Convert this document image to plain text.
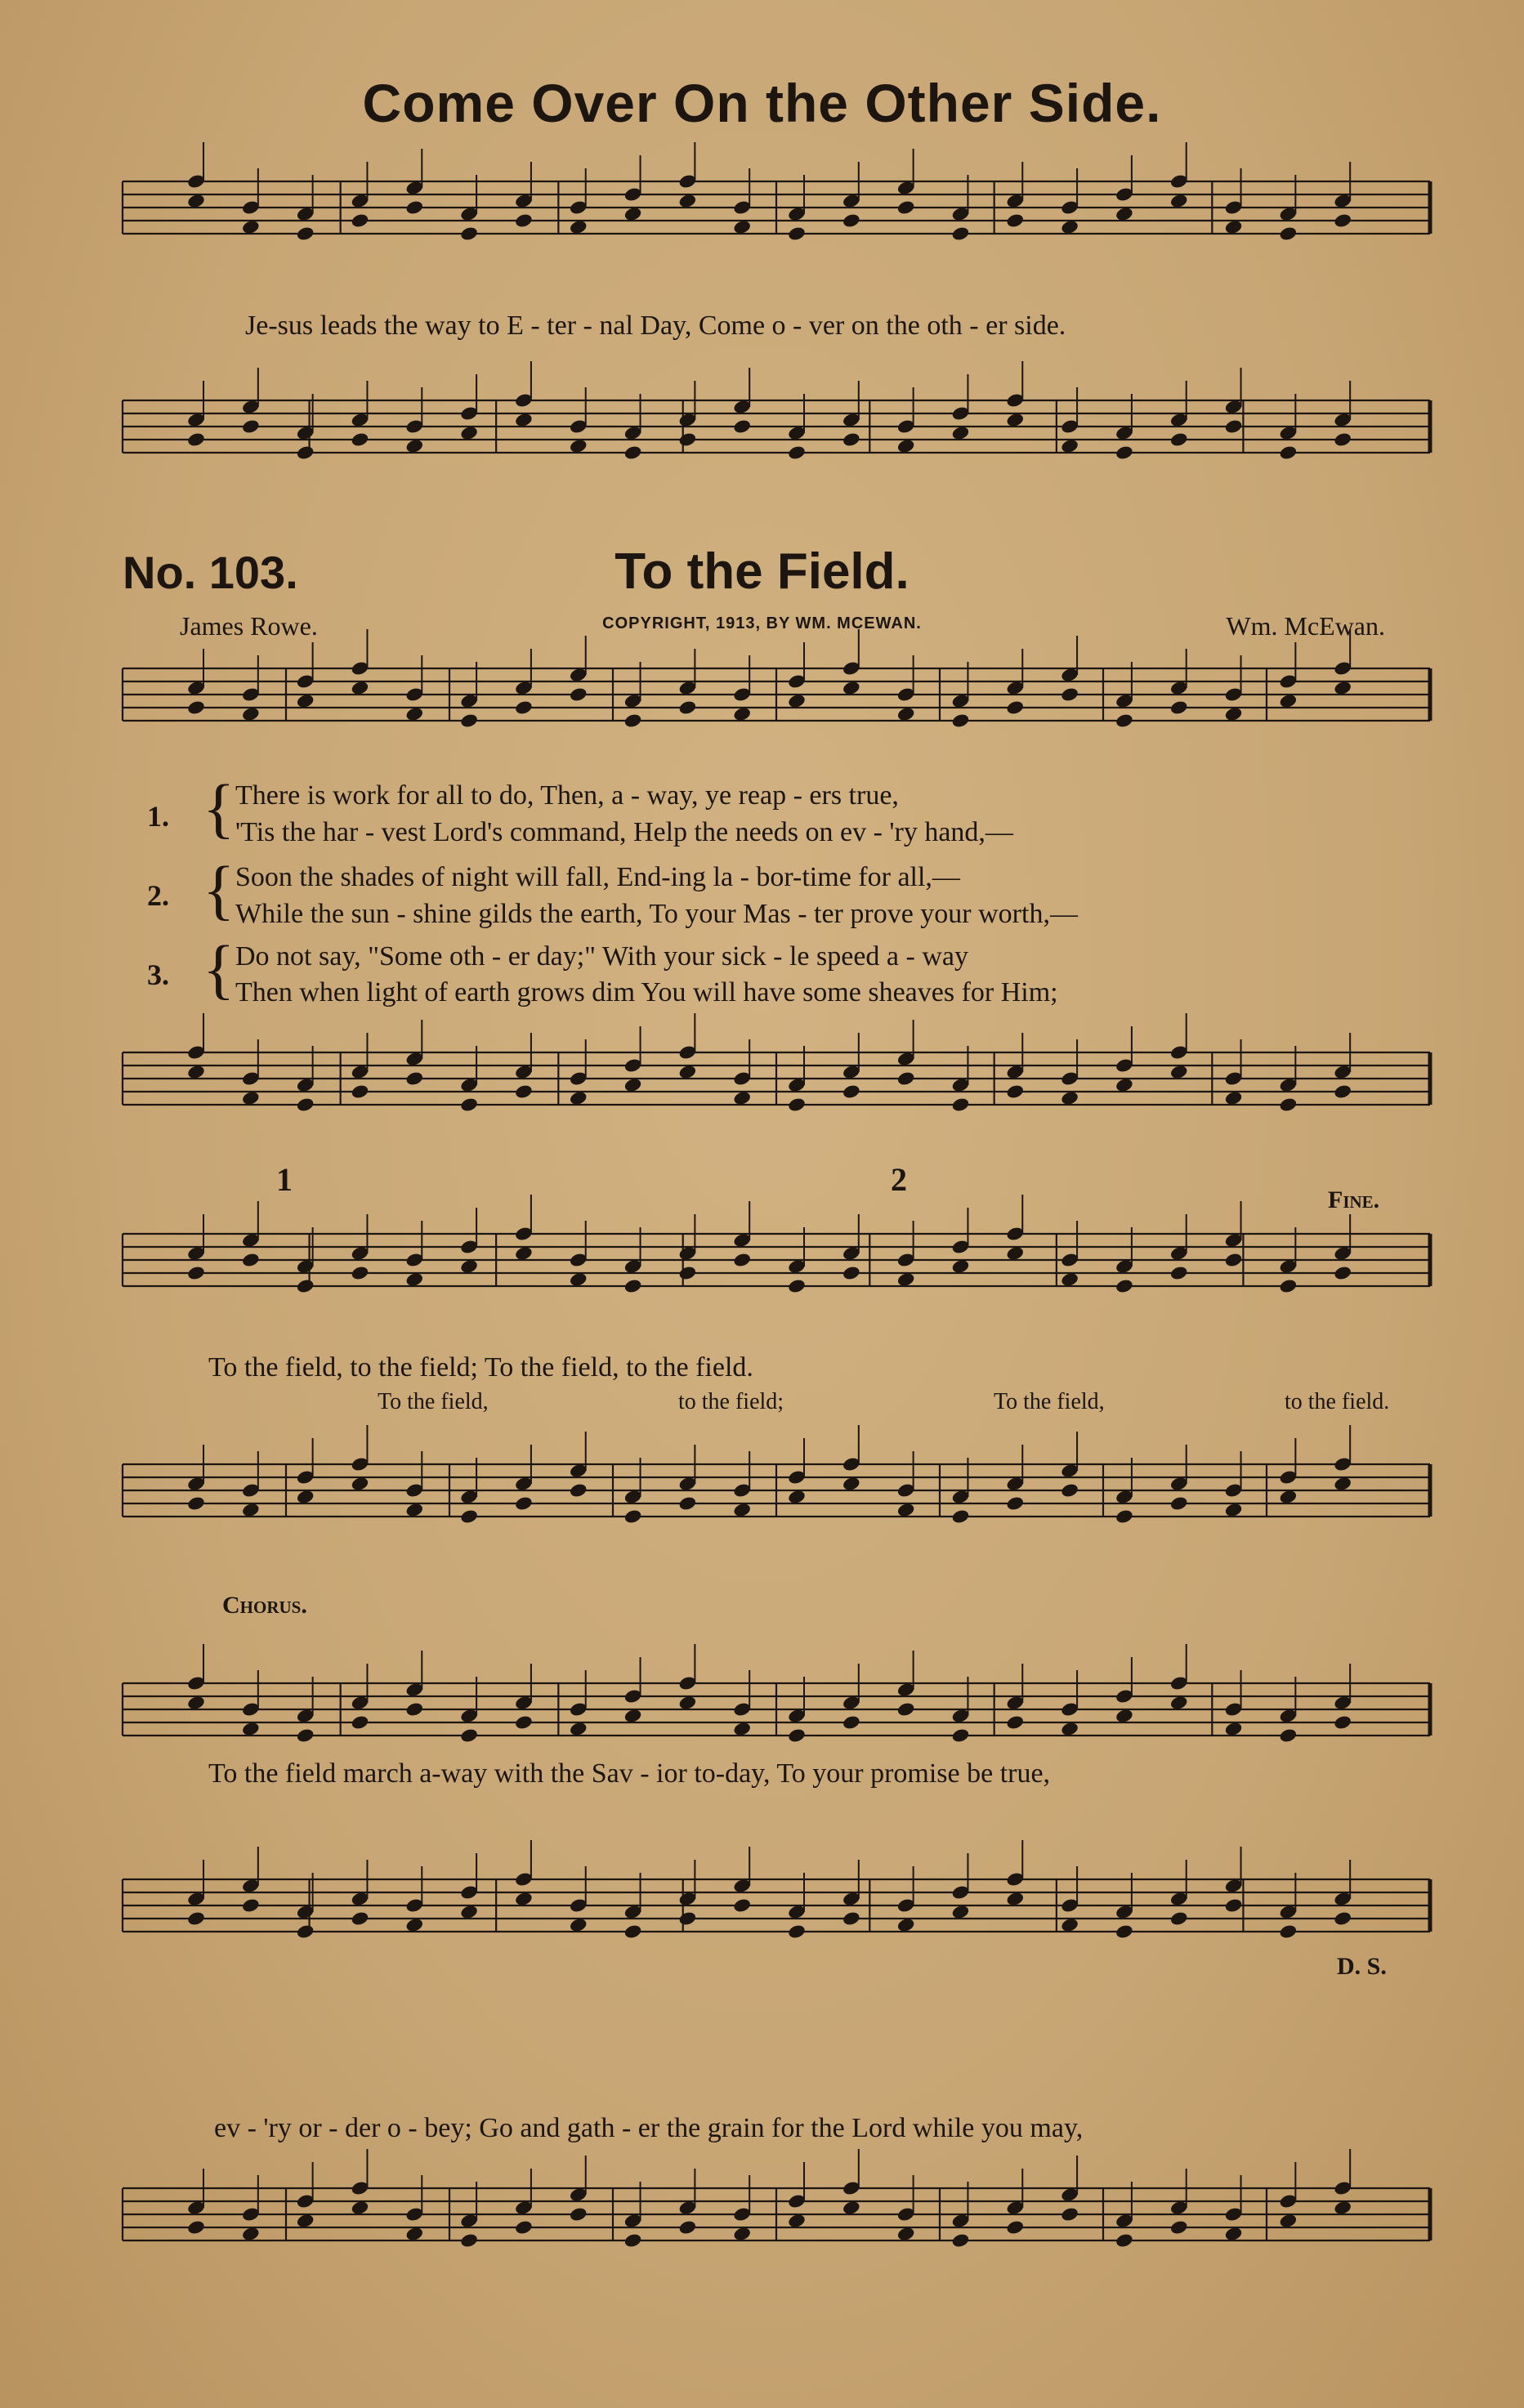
Come Over On the Other Side.
Je-sus leads the way to E - ter - nal Day, Come o - ver on the oth - er side.
No. 103.	To the Field.
James Rowe.	COPYRIGHT, 1913, BY WM. MCEWAN.	Wm. McEwan.
1. { There is work for all to do, Then, a - way, ye reap - ers true,
'Tis the har - vest Lord's command, Help the needs on ev - 'ry hand,—
2. { Soon the shades of night will fall, End-ing la - bor-time for all,—
While the sun - shine gilds the earth, To your Mas - ter prove your worth,—
3. { Do not say, "Some oth - er day;" With your sick - le speed a - way
Then when light of earth grows dim You will have some sheaves for Him;
1	2
Fine.
To the field, to the field; To the field, to the field.
To the field,	to the field;	To the field,	to the field.
Chorus.
To the field march a-way with the Sav - ior to-day, To your promise be true,
D. S.
ev - 'ry or - der o - bey; Go and gath - er the grain for the Lord while you may,
